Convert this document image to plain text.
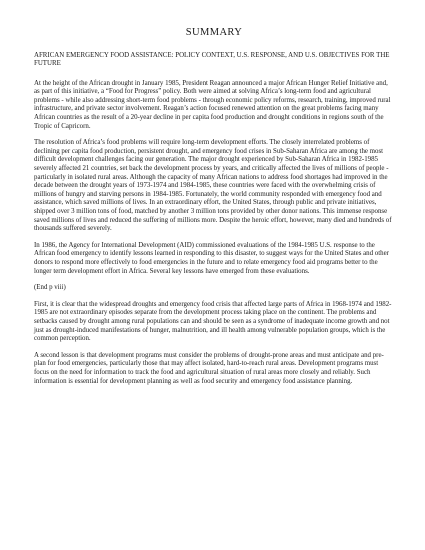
SUMMARY
AFRICAN EMERGENCY FOOD ASSISTANCE: POLICY CONTEXT, U.S. RESPONSE, AND U.S. OBJECTIVES FOR THE FUTURE

At the height of the African drought in January 1985, President Reagan announced a major African Hunger Relief Initiative and, as part of this initiative, a “Food for Progress” policy. Both were aimed at solving Africa’s long-term food and agricultural problems - while also addressing short-term food problems - through economic policy reforms, research, training, improved rural infrastructure, and private sector involvement. Reagan’s action focused renewed attention on the great problems facing many African countries as the result of a 20-year decline in per capita food production and drought conditions in regions south of the Tropic of Capricorn.

The resolution of Africa’s food problems will require long-term development efforts. The closely interrelated problems of declining per capita food production, persistent drought, and emergency food crises in Sub-Saharan Africa are among the most difficult development challenges facing our generation. The major drought experienced by Sub-Saharan Africa in 1982-1985 severely affected 21 countries, set back the development process by years, and critically affected the lives of millions of people - particularly in isolated rural areas. Although the capacity of many African nations to address food shortages had improved in the decade between the drought years of 1973-1974 and 1984-1985, these countries were faced with the overwhelming crisis of millions of hungry and starving persons in 1984-1985. Fortunately, the world community responded with emergency food and assistance, which saved millions of lives. In an extraordinary effort, the United States, through public and private initiatives, shipped over 3 million tons of food, matched by another 3 million tons provided by other donor nations. This immense response saved millions of lives and reduced the suffering of millions more. Despite the heroic effort, however, many died and hundreds of thousands suffered severely.

In 1986, the Agency for International Development (AID) commissioned evaluations of the 1984-1985 U.S. response to the African food emergency to identify lessons learned in responding to this disaster, to suggest ways for the United States and other donors to respond more effectively to food emergencies in the future and to relate emergency food aid programs better to the longer term development effort in Africa. Several key lessons have emerged from these evaluations.

(End p viii)

First, it is clear that the widespread droughts and emergency food crisis that affected large parts of Africa in 1968-1974 and 1982-1985 are not extraordinary episodes separate from the development process taking place on the continent. The problems and setbacks caused by drought among rural populations can and should be seen as a syndrome of inadequate income growth and not just as drought-induced manifestations of hunger, malnutrition, and ill health among vulnerable population groups, which is the common perception.

A second lesson is that development programs must consider the problems of drought-prone areas and must anticipate and pre-plan for food emergencies, particularly those that may affect isolated, hard-to-reach rural areas. Development programs must focus on the need for information to track the food and agricultural situation of rural areas more closely and reliably. Such information is essential for development planning as well as food security and emergency food assistance planning.
